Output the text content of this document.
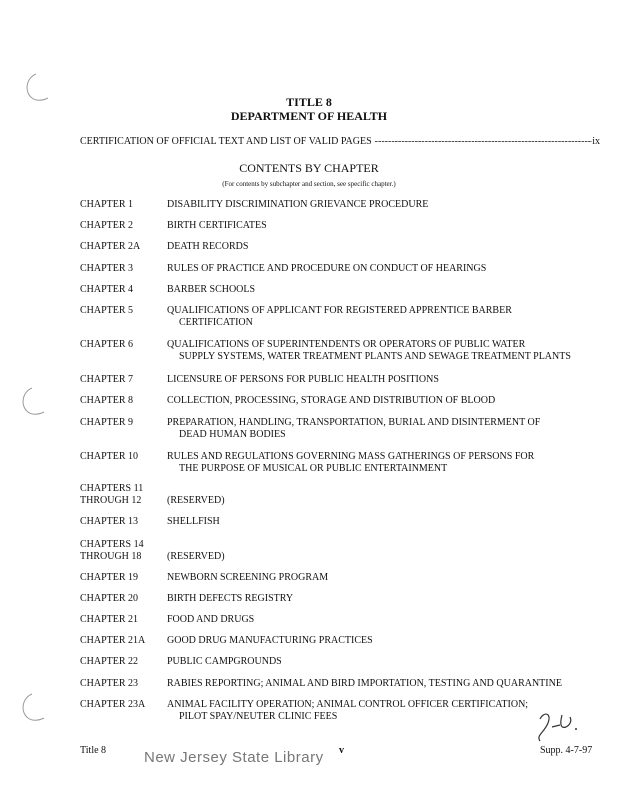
TITLE 8
DEPARTMENT OF HEALTH
CERTIFICATION OF OFFICIAL TEXT AND LIST OF VALID PAGES
-----	ix
CONTENTS BY CHAPTER
(For contents by subchapter and section, see specific chapter.)
CHAPTER 1	DISABILITY DISCRIMINATION GRIEVANCE PROCEDURE
CHAPTER 2	BIRTH CERTIFICATES
CHAPTER 2A	DEATH RECORDS
CHAPTER 3	RULES OF PRACTICE AND PROCEDURE ON CONDUCT OF HEARINGS
CHAPTER 4	BARBER SCHOOLS
CHAPTER 5	QUALIFICATIONS OF APPLICANT FOR REGISTERED APPRENTICE BARBER
CERTIFICATION
CHAPTER 6	QUALIFICATIONS OF SUPERINTENDENTS OR OPERATORS OF PUBLIC WATER
SUPPLY SYSTEMS, WATER TREATMENT PLANTS AND SEWAGE TREATMENT PLANTS
CHAPTER 7	LICENSURE OF PERSONS FOR PUBLIC HEALTH POSITIONS
CHAPTER 8	COLLECTION, PROCESSING, STORAGE AND DISTRIBUTION OF BLOOD
CHAPTER 9	PREPARATION, HANDLING, TRANSPORTATION, BURIAL AND DISINTERMENT OF
DEAD HUMAN BODIES
CHAPTER 10	RULES AND REGULATIONS GOVERNING MASS GATHERINGS OF PERSONS FOR
THE PURPOSE OF MUSICAL OR PUBLIC ENTERTAINMENT
CHAPTERS 11
THROUGH 12	(RESERVED)
CHAPTER 13	SHELLFISH
CHAPTERS 14
THROUGH 18	(RESERVED)
CHAPTER 19	NEWBORN SCREENING PROGRAM
CHAPTER 20	BIRTH DEFECTS REGISTRY
CHAPTER 21	FOOD AND DRUGS
CHAPTER 21A	GOOD DRUG MANUFACTURING PRACTICES
CHAPTER 22	PUBLIC CAMPGROUNDS
CHAPTER 23	RABIES REPORTING; ANIMAL AND BIRD IMPORTATION, TESTING AND QUARANTINE
CHAPTER 23A	ANIMAL FACILITY OPERATION; ANIMAL CONTROL OFFICER CERTIFICATION;
PILOT SPAY/NEUTER CLINIC FEES
Title 8	v	Supp. 4-7-97
New Jersey State Library
